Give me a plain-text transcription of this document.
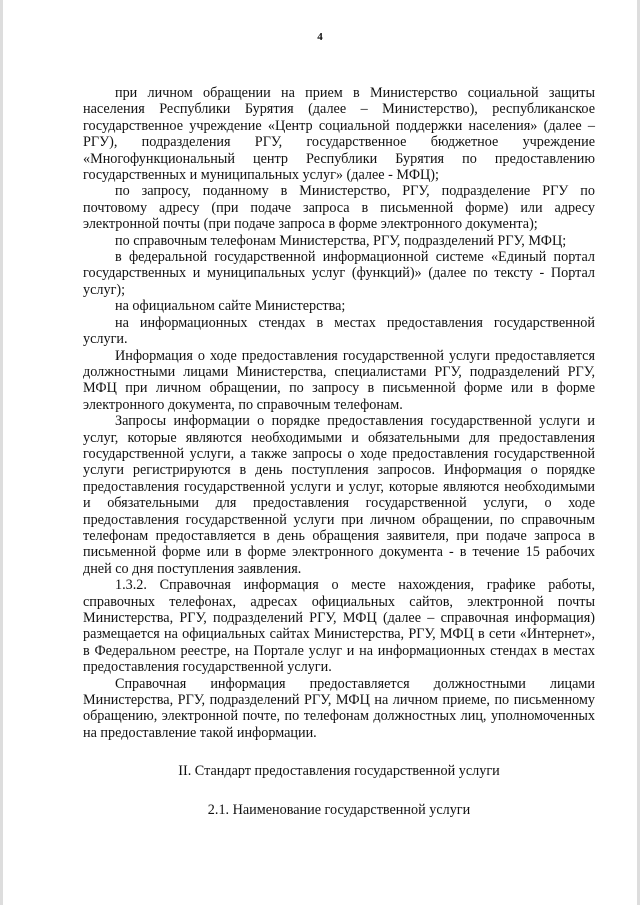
4

при личном обращении на прием в Министерство социальной защиты населения Республики Бурятия (далее – Министерство), республиканское государственное учреждение «Центр социальной поддержки населения» (далее – РГУ), подразделения РГУ, государственное бюджетное учреждение «Многофункциональный центр Республики Бурятия по предоставлению государственных и муниципальных услуг» (далее - МФЦ);

по запросу, поданному в Министерство, РГУ, подразделение РГУ по почтовому адресу (при подаче запроса в письменной форме) или адресу электронной почты (при подаче запроса в форме электронного документа);

по справочным телефонам Министерства, РГУ, подразделений РГУ, МФЦ;

в федеральной государственной информационной системе «Единый портал государственных и муниципальных услуг (функций)» (далее по тексту - Портал услуг);

на официальном сайте Министерства;

на информационных стендах в местах предоставления государственной услуги.

Информация о ходе предоставления государственной услуги предоставляется должностными лицами Министерства, специалистами РГУ, подразделений РГУ, МФЦ при личном обращении, по запросу в письменной форме или в форме электронного документа, по справочным телефонам.

Запросы информации о порядке предоставления государственной услуги и услуг, которые являются необходимыми и обязательными для предоставления государственной услуги, а также запросы о ходе предоставления государственной услуги регистрируются в день поступления запросов. Информация о порядке предоставления государственной услуги и услуг, которые являются необходимыми и обязательными для предоставления государственной услуги, о ходе предоставления государственной услуги при личном обращении, по справочным телефонам предоставляется в день обращения заявителя, при подаче запроса в письменной форме или в форме электронного документа - в течение 15 рабочих дней со дня поступления заявления.

1.3.2. Справочная информация о месте нахождения, графике работы, справочных телефонах, адресах официальных сайтов, электронной почты Министерства, РГУ, подразделений РГУ, МФЦ (далее – справочная информация) размещается на официальных сайтах Министерства, РГУ, МФЦ в сети «Интернет», в Федеральном реестре, на Портале услуг и на информационных стендах в местах предоставления государственной услуги.

Справочная информация предоставляется должностными лицами Министерства, РГУ, подразделений РГУ, МФЦ на личном приеме, по письменному обращению, электронной почте, по телефонам должностных лиц, уполномоченных на предоставление такой информации.

II. Стандарт предоставления государственной услуги

2.1. Наименование государственной услуги
